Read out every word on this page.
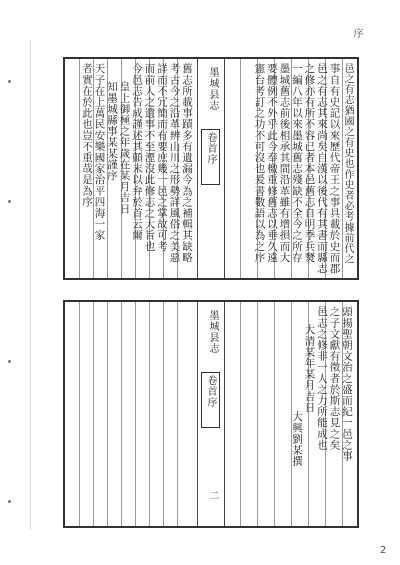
序
邑之有志猶國之有史也作史者必考據前代之
事自有史記以來歷代帝王之事具載於史而郡
邑之有志其來尚矣自漢以後代有其書而縣志
之修亦有所不容已者本邑舊志自明季兵燹
一編八年以來墨城舊志殘缺不全今之所存
墨城舊志前後相承其間沿革雖有增損而大
要體例不外乎此今奉檄重修舊志以垂久遠
憲台考訂之功不可沒也爰書數語以為之序
墨城县志
卷首序
舊志所載事蹟多有遺漏今為之補輯其缺略
考古今之沿革辨山川之形勢詳風俗之美惡
詳而不冗簡而有要庶幾一邑之掌故可考
而前人之遺事不至湮沒此修志之大旨也
今邑志告成謹述其顛末以弁於首云爾
皇上御極之年歲在某月吉日
知墨城縣事某某謹序
天子在上萬民安樂國家治平四海一家
者實在於此也豈不重哉是為序
頭揚聖朝文治之盛而紀一邑之事
之子文獻有徵者於斯志見之矣
邑志之修非一人之力所能成也
大清某年某月吉日
大興劉某撰
墨城县志
卷首序
二
2
